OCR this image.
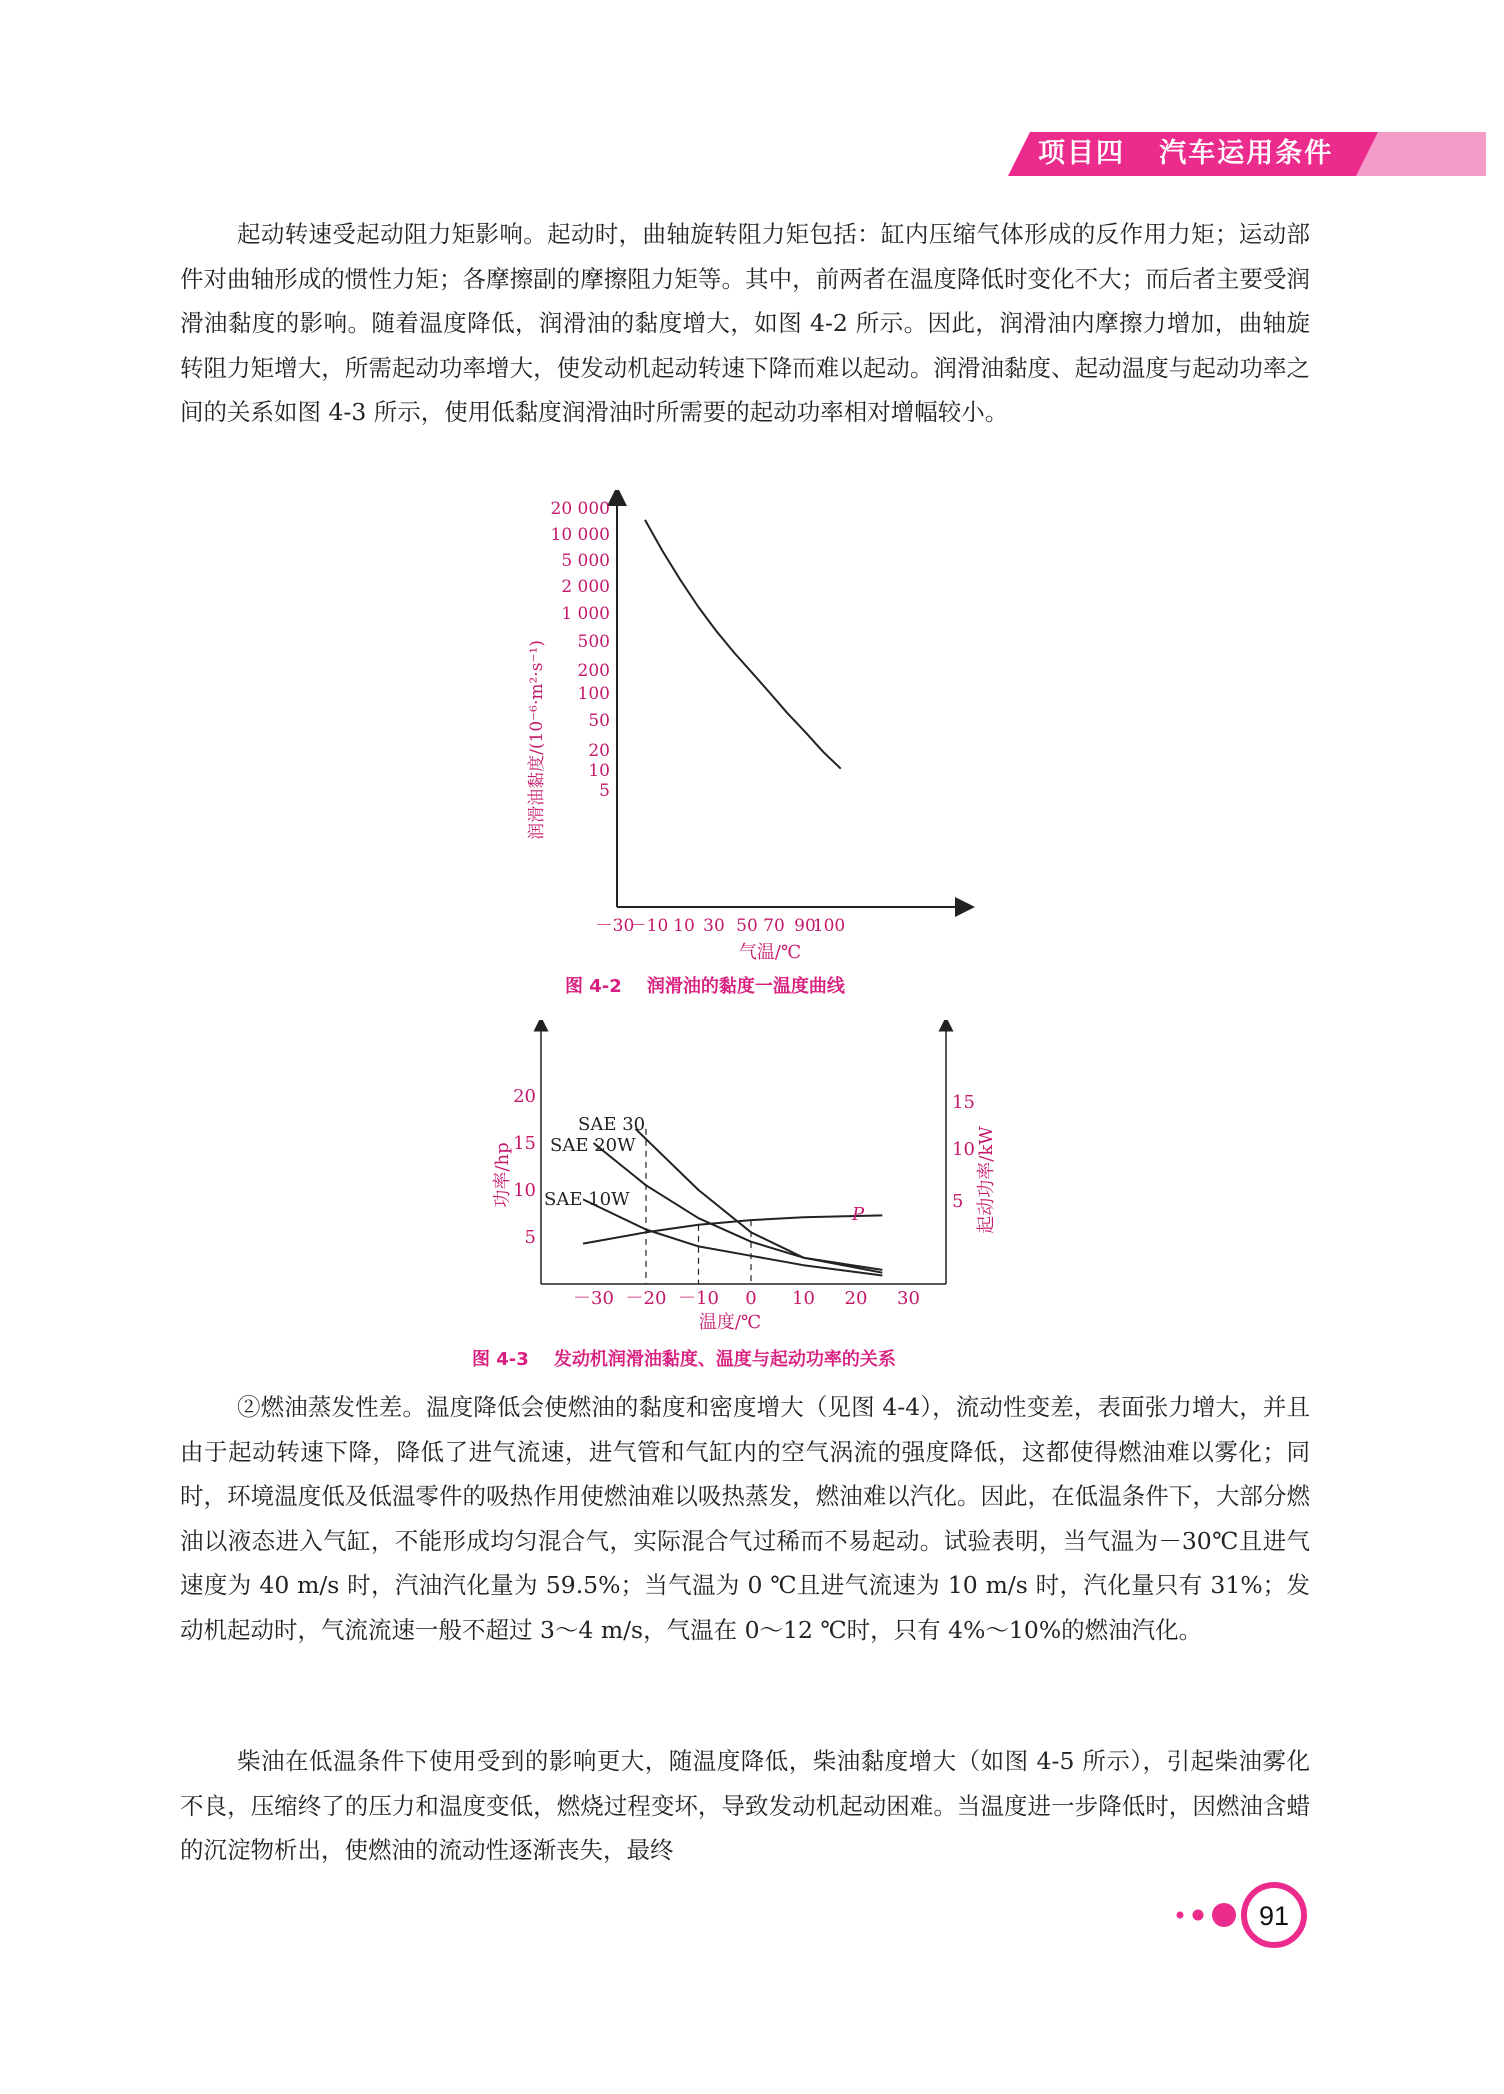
项目四   汽车运用条件

起动转速受起动阻力矩影响。起动时，曲轴旋转阻力矩包括：缸内压缩气体形成的反作用力矩；运动部件对曲轴形成的惯性力矩；各摩擦副的摩擦阻力矩等。其中，前两者在温度降低时变化不大；而后者主要受润滑油黏度的影响。随着温度降低，润滑油的黏度增大，如图 4-2 所示。因此，润滑油内摩擦力增加，曲轴旋转阻力矩增大，所需起动功率增大，使发动机起动转速下降而难以起动。润滑油黏度、起动温度与起动功率之间的关系如图 4-3 所示，使用低黏度润滑油时所需要的起动功率相对增幅较小。

20 000
10 000
5 000
2 000
1 000
500
200
100
50
20
10
5
－30
－10 10 30 50 70 90
100
润滑油黏度/(10⁻⁶·m²·s⁻¹)
气温/℃
图 4-2    润滑油的黏度一温度曲线
20
15
10
5
15
10
5
－30 －20 －10 0 10 20 30
SAE 30
SAE 20W
SAE 10W
P
功率/hp	起动功率/kW
温度/℃
图 4-3    发动机润滑油黏度、温度与起动功率的关系

②燃油蒸发性差。温度降低会使燃油的黏度和密度增大（见图 4-4），流动性变差，表面张力增大，并且由于起动转速下降，降低了进气流速，进气管和气缸内的空气涡流的强度降低，这都使得燃油难以雾化；同时，环境温度低及低温零件的吸热作用使燃油难以吸热蒸发，燃油难以汽化。因此，在低温条件下，大部分燃油以液态进入气缸，不能形成均匀混合气，实际混合气过稀而不易起动。试验表明，当气温为－30℃且进气速度为 40 m/s 时，汽油汽化量为 59.5%；当气温为 0 ℃且进气流速为 10 m/s 时，汽化量只有 31%；发动机起动时，气流流速一般不超过 3～4 m/s，气温在 0～12 ℃时，只有 4%～10%的燃油汽化。

柴油在低温条件下使用受到的影响更大，随温度降低，柴油黏度增大（如图 4-5 所示），引起柴油雾化不良，压缩终了的压力和温度变低，燃烧过程变坏，导致发动机起动困难。当温度进一步降低时，因燃油含蜡的沉淀物析出，使燃油的流动性逐渐丧失，最终

91
